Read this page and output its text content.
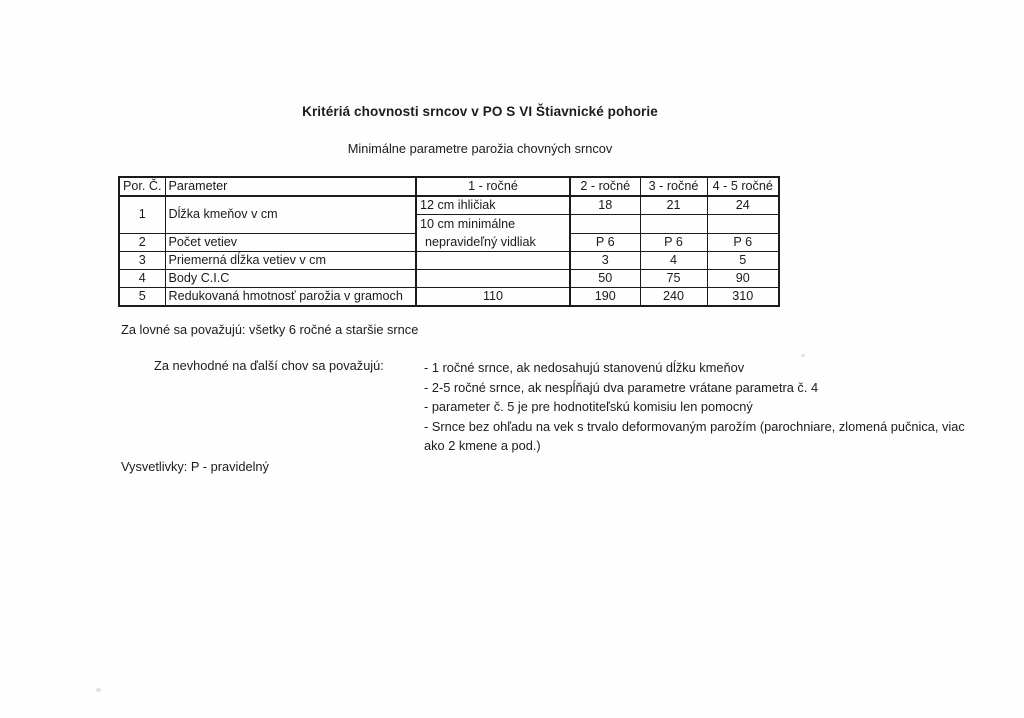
Kritériá chovnosti srncov v PO S VI Štiavnické pohorie
Minimálne parametre parožia chovných srncov
Por. Č.	Parameter	1 - ročné	2 - ročné	3 - ročné	4 - 5 ročné
1	Dĺžka kmeňov v cm	12 cm ihličiak	18	21	24

		10 cm minimálne
nepravideľný vidliak			

2	Počet vetiev		P 6	P 6	P 6
3	Priemerná dĺžka vetiev v cm		3	4	5
4	Body C.I.C		50	75	90
5	Redukovaná hmotnosť parožia v gramoch	110	190	240	310
Za lovné sa považujú: všetky 6 ročné a staršie srnce
Za nevhodné na ďalší chov sa považujú:	- 1 ročné srnce, ak nedosahujú stanovenú dĺžku kmeňov
- 2-5 ročné srnce, ak nespĺňajú dva parametre vrátane parametra č. 4
- parameter č. 5 je pre hodnotiteľskú komisiu len pomocný
- Srnce bez ohľadu na vek s trvalo deformovaným parožím (parochniare, zlomená pučnica, viac
ako 2 kmene a pod.)
Vysvetlivky: P - pravidelný
